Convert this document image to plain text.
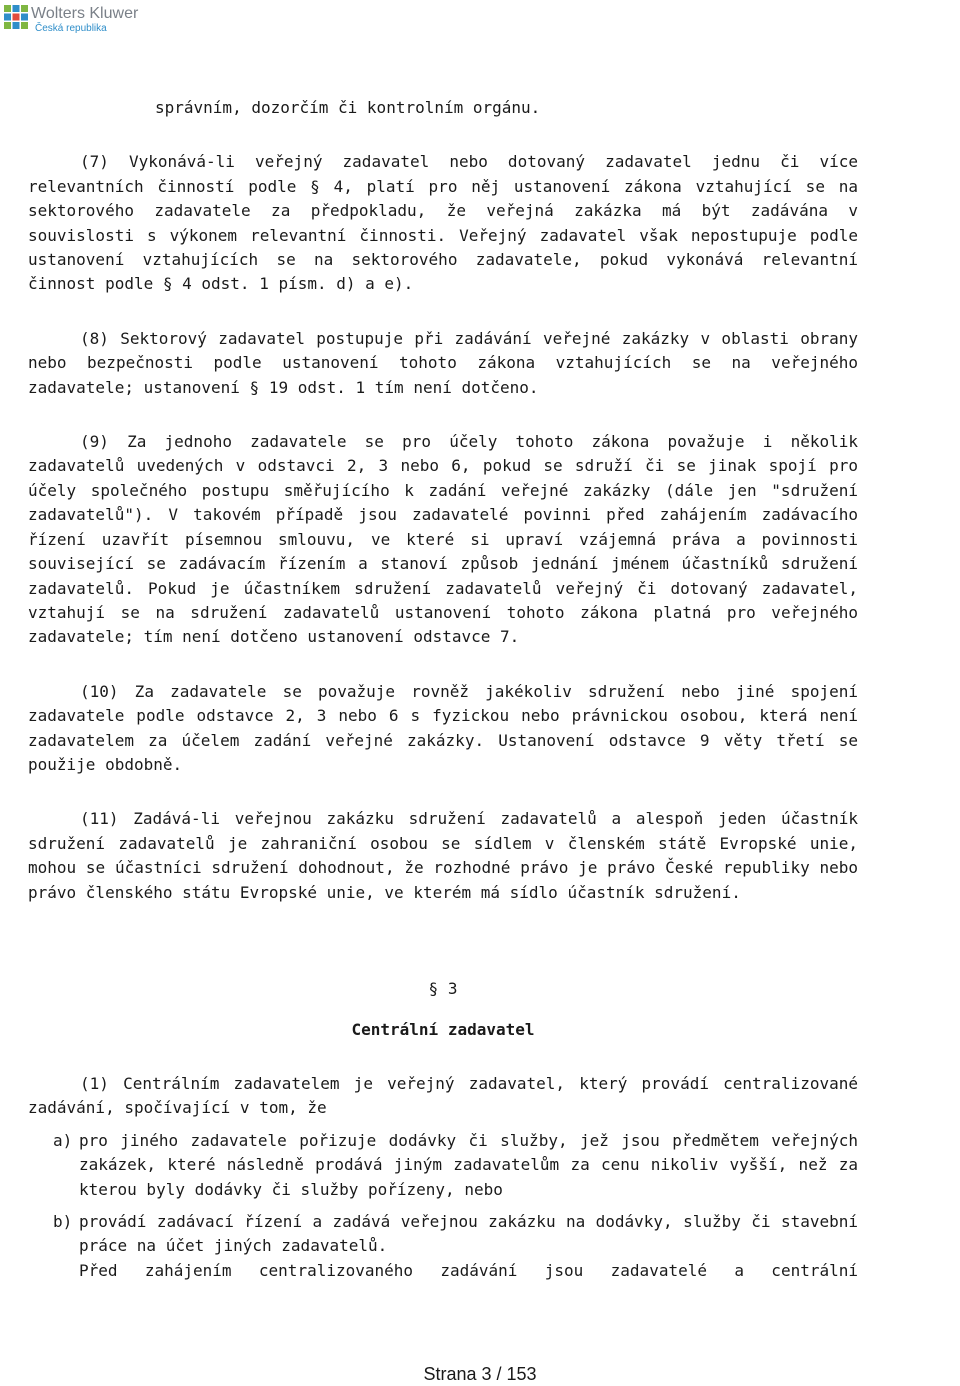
Wolters Kluwer
Česká republika

správním, dozorčím či kontrolním orgánu.

(7) Vykonává-li veřejný zadavatel nebo dotovaný zadavatel jednu či více relevantních činností podle § 4, platí pro něj ustanovení zákona vztahující se na sektorového zadavatele za předpokladu, že veřejná zakázka má být zadávána v souvislosti s výkonem relevantní činnosti. Veřejný zadavatel však nepostupuje podle ustanovení vztahujících se na sektorového zadavatele, pokud vykonává relevantní činnost podle § 4 odst. 1 písm. d) a e).

(8) Sektorový zadavatel postupuje při zadávání veřejné zakázky v oblasti obrany nebo bezpečnosti podle ustanovení tohoto zákona vztahujících se na veřejného zadavatele; ustanovení § 19 odst. 1 tím není dotčeno.

(9) Za jednoho zadavatele se pro účely tohoto zákona považuje i několik zadavatelů uvedených v odstavci 2, 3 nebo 6, pokud se sdruží či se jinak spojí pro účely společného postupu směřujícího k zadání veřejné zakázky (dále jen "sdružení zadavatelů"). V takovém případě jsou zadavatelé povinni před zahájením zadávacího řízení uzavřít písemnou smlouvu, ve které si upraví vzájemná práva a povinnosti související se zadávacím řízením a stanoví způsob jednání jménem účastníků sdružení zadavatelů. Pokud je účastníkem sdružení zadavatelů veřejný či dotovaný zadavatel, vztahují se na sdružení zadavatelů ustanovení tohoto zákona platná pro veřejného zadavatele; tím není dotčeno ustanovení odstavce 7.

(10) Za zadavatele se považuje rovněž jakékoliv sdružení nebo jiné spojení zadavatele podle odstavce 2, 3 nebo 6 s fyzickou nebo právnickou osobou, která není zadavatelem za účelem zadání veřejné zakázky. Ustanovení odstavce 9 věty třetí se použije obdobně.

(11) Zadává-li veřejnou zakázku sdružení zadavatelů a alespoň jeden účastník sdružení zadavatelů je zahraniční osobou se sídlem v členském státě Evropské unie, mohou se účastníci sdružení dohodnout, že rozhodné právo je právo České republiky nebo právo členského státu Evropské unie, ve kterém má sídlo účastník sdružení.

§ 3
Centrální zadavatel

(1) Centrálním zadavatelem je veřejný zadavatel, který provádí centralizované zadávání, spočívající v tom, že

a) pro jiného zadavatele pořizuje dodávky či služby, jež jsou předmětem veřejných zakázek, které následně prodává jiným zadavatelům za cenu nikoliv vyšší, než za kterou byly dodávky či služby pořízeny, nebo
b) provádí zadávací řízení a zadává veřejnou zakázku na dodávky, služby či stavební práce na účet jiných zadavatelů.
Před zahájením centralizovaného zadávání jsou zadavatelé a centrální
Strana 3 / 153
